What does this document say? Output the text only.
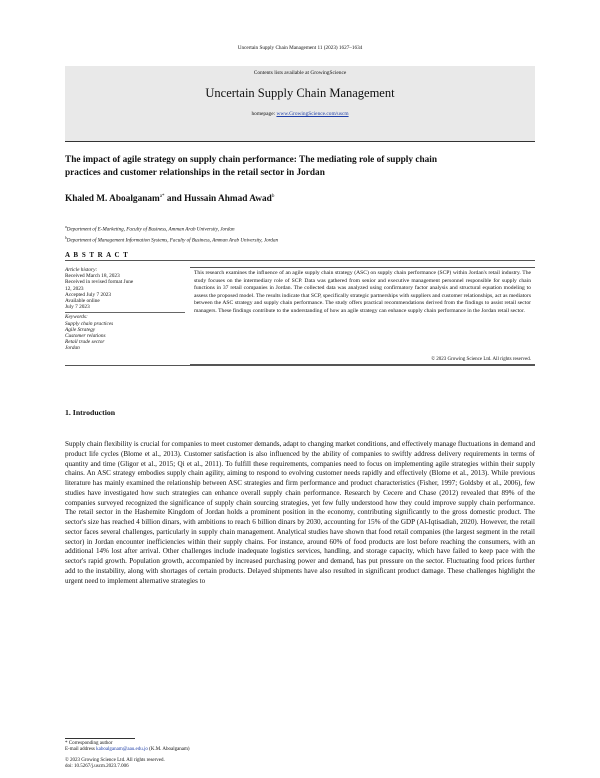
Uncertain Supply Chain Management 11 (2023) 1627–1634
Contents lists available at GrowingScience
Uncertain Supply Chain Management
homepage: www.GrowingScience.com/uscm
The impact of agile strategy on supply chain performance: The mediating role of supply chain
practices and customer relationships in the retail sector in Jordan
Khaled M. Aboalganam$^{a*}$ and Hussain Ahmad Awad$^b$
$^a$Department of E-Marketing, Faculty of Business, Amman Arab University, Jordan
$^b$Department of Management Information Systems, Faculty of Business, Amman Arab University, Jordan
A B S T R A C T
Article history:
Received March 18, 2023
Received in revised format June
12, 2023
Accepted July 7 2023
Available online
July 7 2023
Keywords:
Supply chain practices
Agile Strategy
Customer relations
Retail trade sector
Jordan
This research examines the influence of an agile supply chain strategy (ASC) on supply chain performance (SCP) within Jordan's retail industry. The study focuses on the intermediary role of SCP. Data was gathered from senior and executive management personnel responsible for supply chain functions in 37 retail companies in Jordan. The collected data was analyzed using confirmatory factor analysis and structural equation modeling to assess the proposed model. The results indicate that SCP, specifically strategic partnerships with suppliers and customer relationships, act as mediators between the ASC strategy and supply chain performance. The study offers practical recommendations derived from the findings to assist retail sector managers. These findings contribute to the understanding of how an agile strategy can enhance supply chain performance in the Jordan retail sector.
© 2023 Growing Science Ltd. All rights reserved.
1. Introduction
Supply chain flexibility is crucial for companies to meet customer demands, adapt to changing market conditions, and effectively manage fluctuations in demand and product life cycles (Blome et al., 2013). Customer satisfaction is also influenced by the ability of companies to swiftly address delivery requirements in terms of quantity and time (Gligor et al., 2015; Qi et al., 2011). To fulfill these requirements, companies need to focus on implementing agile strategies within their supply chains. An ASC strategy embodies supply chain agility, aiming to respond to evolving customer needs rapidly and effectively (Blome et al., 2013). While previous literature has mainly examined the relationship between ASC strategies and firm performance and product characteristics (Fisher, 1997; Goldsby et al., 2006), few studies have investigated how such strategies can enhance overall supply chain performance. Research by Cecere and Chase (2012) revealed that 89% of the companies surveyed recognized the significance of supply chain sourcing strategies, yet few fully understood how they could improve supply chain performance. The retail sector in the Hashemite Kingdom of Jordan holds a prominent position in the economy, contributing significantly to the gross domestic product. The sector's size has reached 4 billion dinars, with ambitions to reach 6 billion dinars by 2030, accounting for 15% of the GDP (Al-Iqtisadiah, 2020). However, the retail sector faces several challenges, particularly in supply chain management. Analytical studies have shown that food retail companies (the largest segment in the retail sector) in Jordan encounter inefficiencies within their supply chains. For instance, around 60% of food products are lost before reaching the consumers, with an additional 14% lost after arrival. Other challenges include inadequate logistics services, handling, and storage capacity, which have failed to keep pace with the sector's rapid growth. Population growth, accompanied by increased purchasing power and demand, has put pressure on the sector. Fluctuating food prices further add to the instability, along with shortages of certain products. Delayed shipments have also resulted in significant product damage. These challenges highlight the urgent need to implement alternative strategies to
* Corresponding author
E-mail address kaboalganam@aau.edu.jo (K.M. Aboalganam)
© 2023 Growing Science Ltd. All rights reserved.
doi: 10.5267/j.uscm.2023.7.006
